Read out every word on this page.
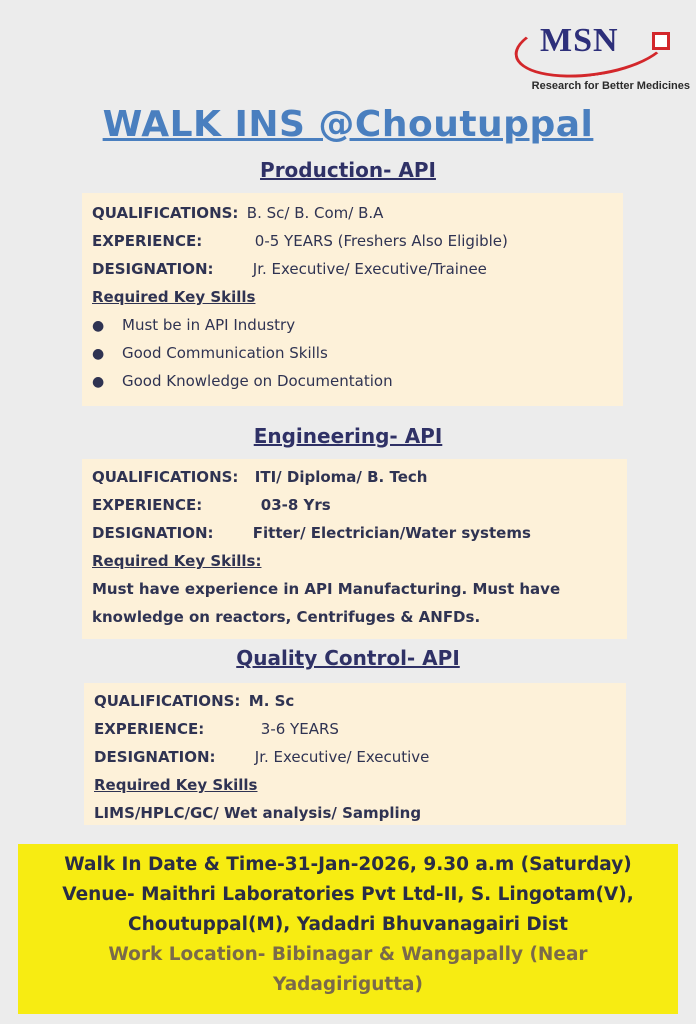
MSN
Research for Better Medicines
WALK INS @Choutuppal
Production- API
QUALIFICATIONS: B. Sc/ B. Com/ B.A
EXPERIENCE:	0-5 YEARS (Freshers Also Eligible)
DESIGNATION:	Jr. Executive/ Executive/Trainee
Required Key Skills
● Must be in API Industry
● Good Communication Skills
● Good Knowledge on Documentation
Engineering- API
QUALIFICATIONS: ITI/ Diploma/ B. Tech
EXPERIENCE:	03-8 Yrs
DESIGNATION:	Fitter/ Electrician/Water systems
Required Key Skills:
Must have experience in API Manufacturing. Must have knowledge on reactors, Centrifuges & ANFDs.
Quality Control- API
QUALIFICATIONS: M. Sc
EXPERIENCE:	3-6 YEARS
DESIGNATION:	Jr. Executive/ Executive
Required Key Skills
LIMS/HPLC/GC/ Wet analysis/ Sampling
Walk In Date & Time-31-Jan-2026, 9.30 a.m (Saturday)
Venue- Maithri Laboratories Pvt Ltd-II, S. Lingotam(V),
Choutuppal(M), Yadadri Bhuvanagairi Dist
Work Location- Bibinagar & Wangapally (Near
Yadagirigutta)
